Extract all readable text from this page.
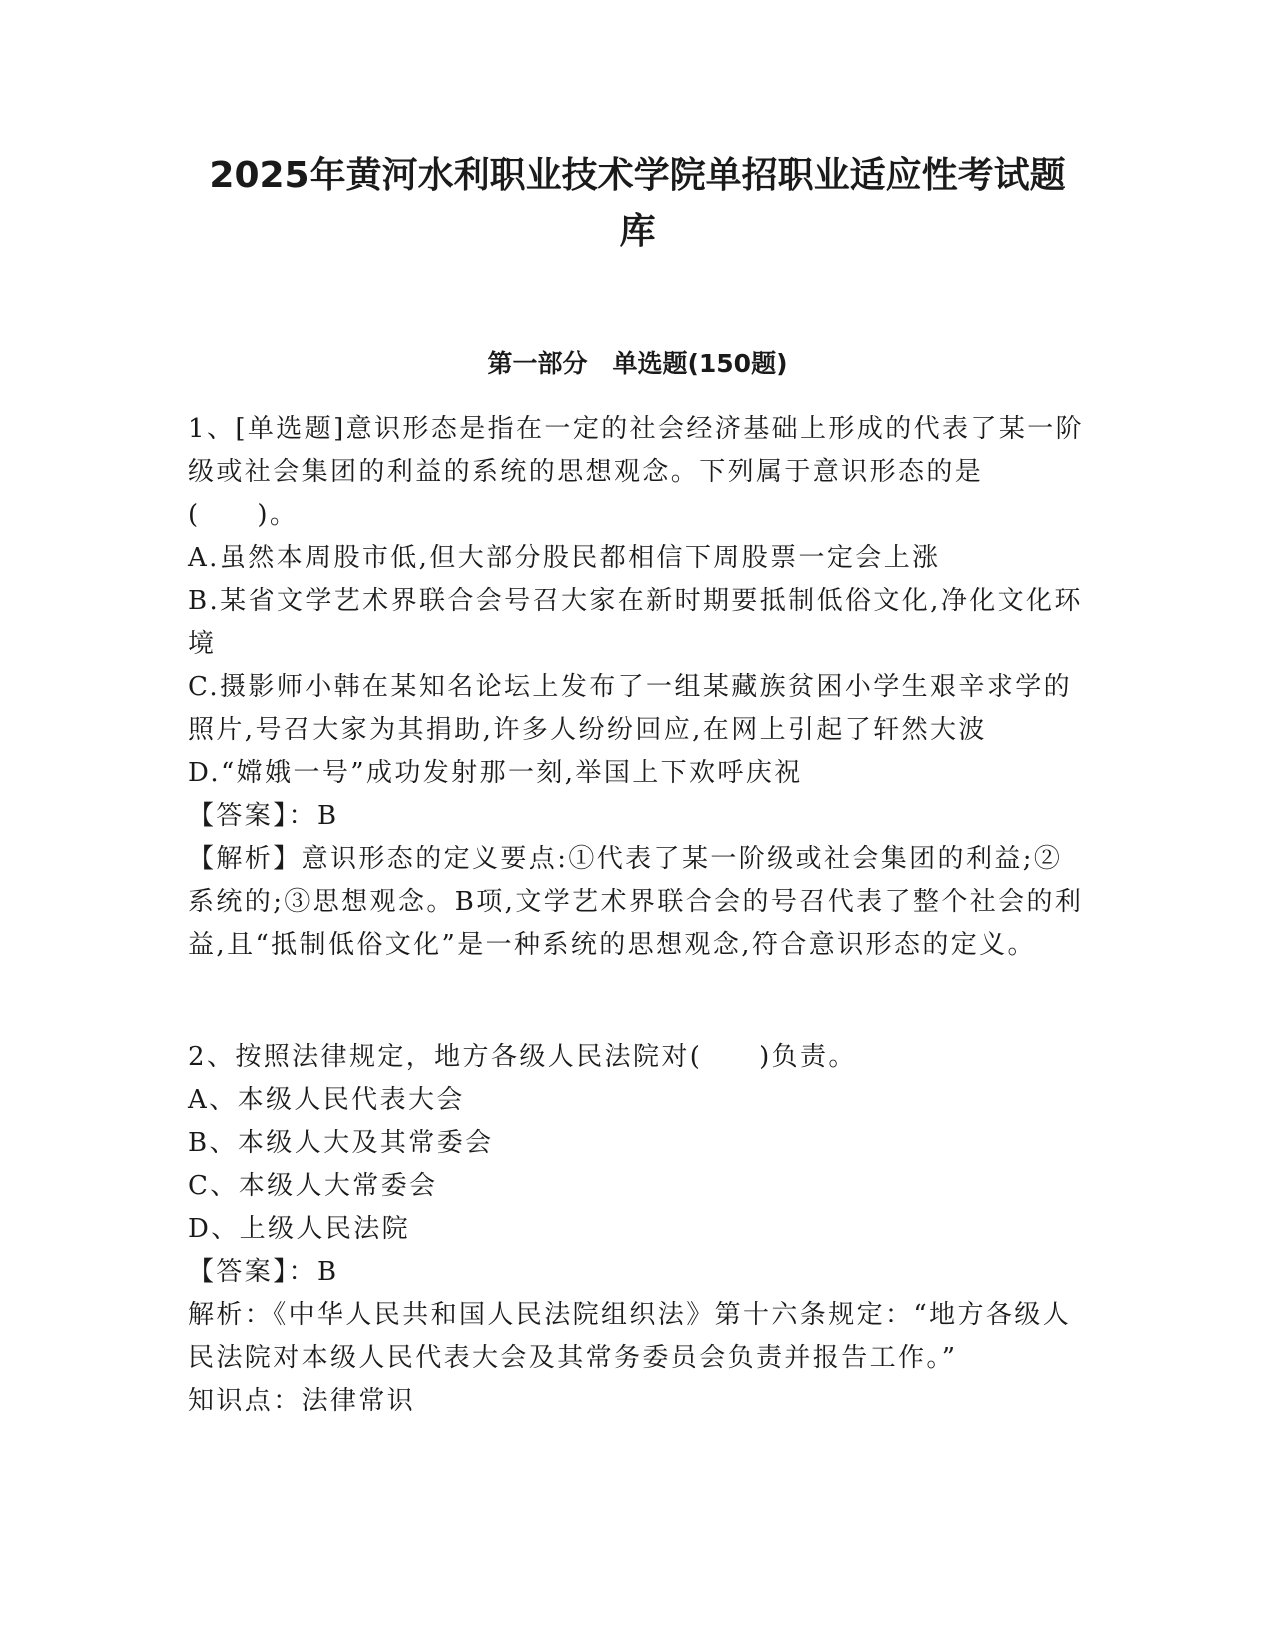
2025年黄河水利职业技术学院单招职业适应性考试题
库
第一部分　单选题(150题)

1、[单选题]意识形态是指在一定的社会经济基础上形成的代表了某一阶级或社会集团的利益的系统的思想观念。下列属于意识形态的是(　　)。

A.虽然本周股市低,但大部分股民都相信下周股票一定会上涨

B.某省文学艺术界联合会号召大家在新时期要抵制低俗文化,净化文化环境

C.摄影师小韩在某知名论坛上发布了一组某藏族贫困小学生艰辛求学的照片,号召大家为其捐助,许多人纷纷回应,在网上引起了轩然大波

D.“嫦娥一号”成功发射那一刻,举国上下欢呼庆祝

【答案】：B

【解析】意识形态的定义要点:①代表了某一阶级或社会集团的利益;②系统的;③思想观念。B项,文学艺术界联合会的号召代表了整个社会的利益,且“抵制低俗文化”是一种系统的思想观念,符合意识形态的定义。

2、按照法律规定，地方各级人民法院对(　　)负责。

A、本级人民代表大会

B、本级人大及其常委会

C、本级人大常委会

D、上级人民法院

【答案】：B

解析：《中华人民共和国人民法院组织法》第十六条规定：“地方各级人民法院对本级人民代表大会及其常务委员会负责并报告工作。”

知识点：法律常识
